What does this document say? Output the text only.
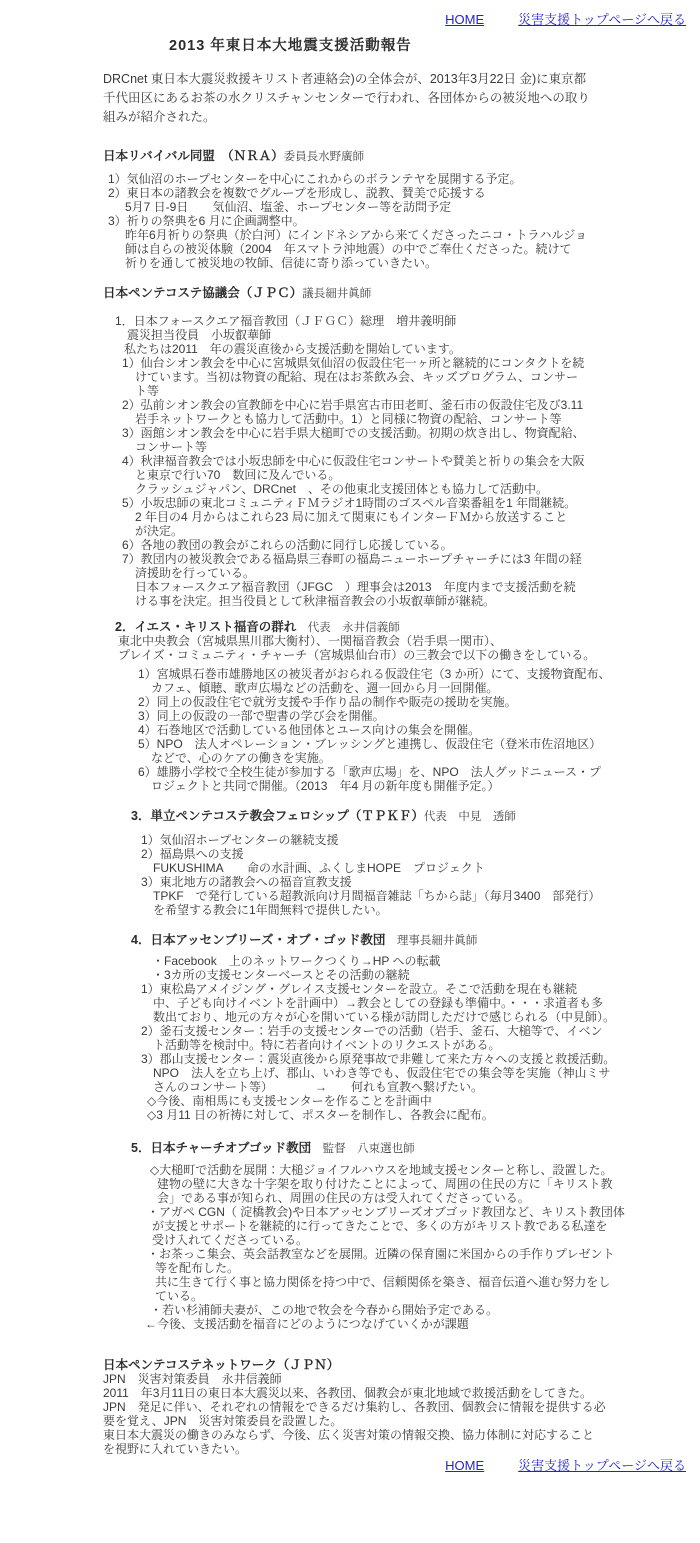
HOME	災害支援トップページへ戻る
2013 年東日本大地震支援活動報告
DRCnet 東日本大震災救援キリスト者連絡会)の全体会が、2013年3月22日 金)に東京都
千代田区にあるお茶の水クリスチャンセンターで行われ、各団体からの被災地への取り
組みが紹介された。
日本リバイバル同盟　（ＮＲＡ）委員長水野廣師
1）気仙沼のホープセンターを中心にこれからのボランテヤを展開する予定。
2）東日本の諸教会を複数でグループを形成し、説教、賛美で応援する
5月7 日-9日　　気仙沼、塩釜、ホープセンター等を訪問予定
3）祈りの祭典を6 月に企画調整中。
昨年6月祈りの祭典（於白河）にインドネシアから来てくださったニコ・トラハルジョ
師は自らの被災体験（2004　年スマトラ沖地震）の中でご奉仕くださった。続けて
祈りを通して被災地の牧師、信徒に寄り添っていきたい。
日本ペンテコステ協議会（ＪＰＣ）議長細井眞師
1．日本フォースクエア福音教団（ＪＦＧＣ）総理　増井義明師
震災担当役員　小坂叡華師
私たちは2011　年の震災直後から支援活動を開始しています。
1）仙台シオン教会を中心に宮城県気仙沼の仮設住宅一ヶ所と継続的にコンタクトを続
けています。当初は物資の配給、現在はお茶飲み会、キッズプログラム、コンサー
ト等
2）弘前シオン教会の宣教師を中心に岩手県宮古市田老町、釜石市の仮設住宅及び3.11
岩手ネットワークとも協力して活動中。1）と同様に物資の配給、コンサート等
3）函館シオン教会を中心に岩手県大槌町での支援活動。初期の炊き出し、物資配給、
コンサート等
4）秋津福音教会では小坂忠師を中心に仮設住宅コンサートや賛美と祈りの集会を大阪
と東京で行い70　数回に及んでいる。
クラッシュジャパン、DRCnet　、その他東北支援団体とも協力して活動中。
5）小坂忠師の東北コミュニティＦＭラジオ1時間のゴスペル音楽番組を1 年間継続。
2 年目の4 月からはこれら23 局に加えて関東にもインターＦＭから放送すること
が決定。
6）各地の教団の教会がこれらの活動に同行し応援している。
7）教団内の被災教会である福島県三春町の福島ニューホープチャーチには3 年間の経
済援助を行っている。
日本フォースクエア福音教団（JFGC　）理事会は2013　年度内まで支援活動を続
ける事を決定。担当役員として秋津福音教会の小坂叡華師が継続。
2．イエス・キリスト福音の群れ　代表　永井信義師
東北中央教会（宮城県黒川郡大衡村）、一関福音教会（岩手県一関市）、
プレイズ・コミュニティ・チャーチ（宮城県仙台市）の三教会で以下の働きをしている。
1）宮城県石巻市雄勝地区の被災者がおられる仮設住宅（3 か所）にて、支援物資配布、
カフェ、傾聴、歌声広場などの活動を、週一回から月一回開催。
2）同上の仮設住宅で就労支援や手作り品の制作や販売の援助を実施。
3）同上の仮設の一部で聖書の学び会を開催。
4）石巻地区で活動している他団体とユース向けの集会を開催。
5）NPO　法人オペレーション・ブレッシングと連携し、仮設住宅（登米市佐沼地区）
などで、心のケアの働きを実施。
6）雄勝小学校で全校生徒が参加する「歌声広場」を、NPO　法人グッドニュース・プ
ロジェクトと共同で開催。（2013　年4 月の新年度も開催予定。）
3．単立ペンテコステ教会フェロシップ（ＴＰＫＦ）代表　中見　透師
1）気仙沼ホープセンターの継続支援
2）福島県への支援
FUKUSHIMA　　命の水計画、ふくしまHOPE　プロジェクト
3）東北地方の諸教会への福音宣教支援
TPKF　で発行している超教派向け月間福音雑誌「ちから誌」（毎月3400　部発行）
を希望する教会に1年間無料で提供したい。
4．日本アッセンブリーズ・オブ・ゴッド教団　理事長細井眞師
・Facebook　上のネットワークつくり→HP への転載
・3カ所の支援センターベースとその活動の継続
1）東松島アメイジング・グレイス支援センターを設立。そこで活動を現在も継続
中、子ども向けイベントを計画中）→教会としての登録も準備中。・・・求道者も多
数出ており、地元の方々が心を開いている様が訪問しただけで感じられる（中見師）。
2）釜石支援センター：岩手の支援センターでの活動（岩手、釜石、大槌等で、イベン
ト活動等を検討中。特に若者向けイベントのリクエストがある。
3）郡山支援センター：震災直後から原発事故で非難して来た方々への支援と救援活動。
NPO　法人を立ち上げ、郡山、いわき等でも、仮設住宅での集会等を実施（神山ミサ
さんのコンサート等）　　　　→　　何れも宣教へ繋げたい。
◇今後、南相馬にも支援センターを作ることを計画中
◇3 月11 日の祈祷に対して、ポスターを制作し、各教会に配布。
5．日本チャーチオブゴッド教団　監督　八束選也師
◇大槌町で活動を展開：大槌ジョイフルハウスを地域支援センターと称し、設置した。
建物の壁に大きな十字架を取り付けたことによって、周囲の住民の方に「キリスト教
会」である事が知られ、周囲の住民の方は受入れてくださっている。
・アガペ CGN（ 淀橋教会)や日本アッセンブリーズオブゴッド教団など、キリスト教団体
が支援とサポートを継続的に行ってきたことで、多くの方がキリスト教である私達を
受け入れてくださっている。
・お茶っこ集会、英会話教室などを展開。近隣の保育園に米国からの手作りプレゼント
等を配布した。
共に生きて行く事と協力関係を持つ中で、信頼関係を築き、福音伝道へ進む努力をし
ている。
・若い杉浦師夫妻が、この地で牧会を今春から開始予定である。
←今後、支援活動を福音にどのようにつなげていくかが課題
日本ペンテコステネットワーク（ＪＰＮ）
JPN　災害対策委員　永井信義師
2011　年3月11日の東日本大震災以来、各教団、個教会が東北地域で救援活動をしてきた。
JPN　発足に伴い、それぞれの情報をできるだけ集約し、各教団、個教会に情報を提供する必
要を覚え、JPN　災害対策委員を設置した。
東日本大震災の働きのみならず、今後、広く災害対策の情報交換、協力体制に対応すること
を視野に入れていきたい。
HOME	災害支援トップページへ戻る
